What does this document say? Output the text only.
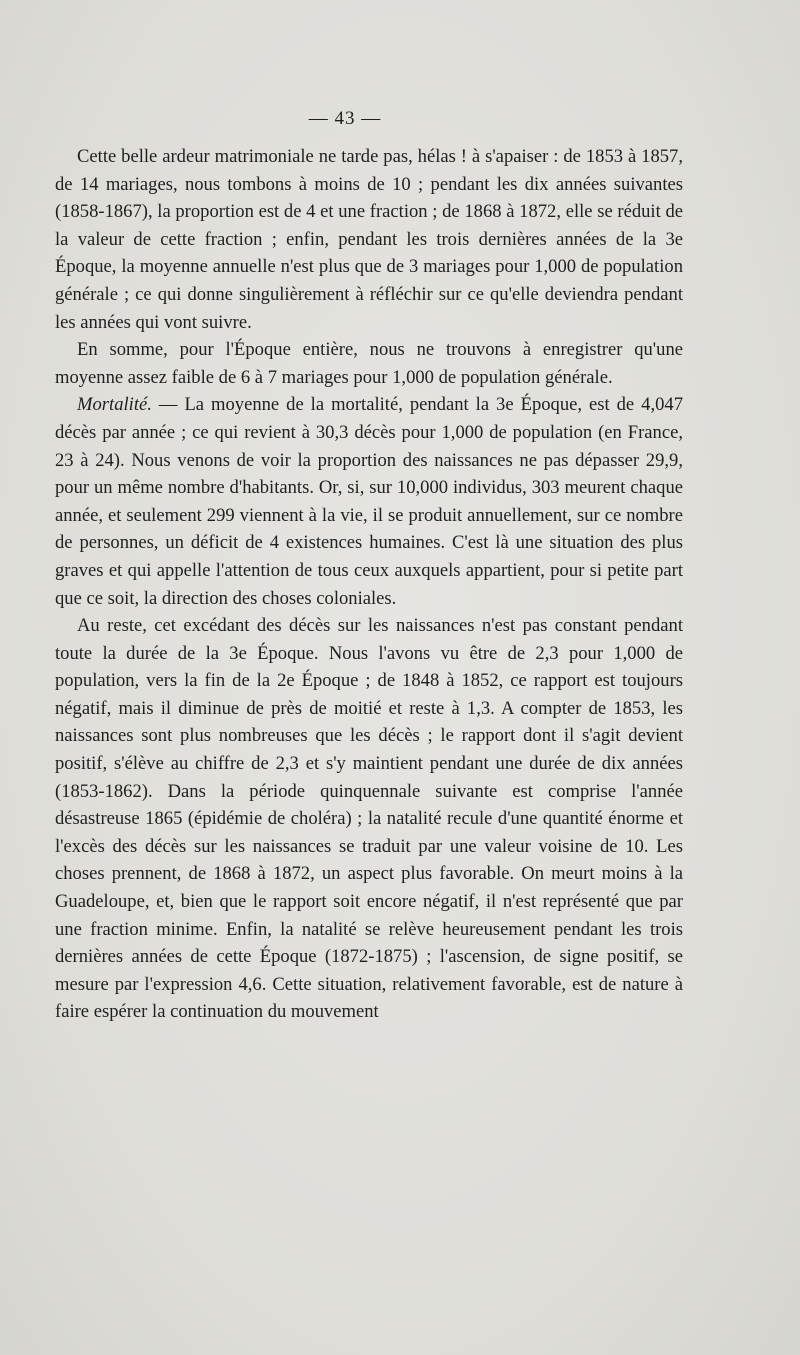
— 43 —

Cette belle ardeur matrimoniale ne tarde pas, hélas ! à s'apaiser : de 1853 à 1857, de 14 mariages, nous tombons à moins de 10 ; pendant les dix années suivantes (1858-1867), la proportion est de 4 et une fraction ; de 1868 à 1872, elle se réduit de la valeur de cette fraction ; enfin, pendant les trois dernières années de la 3e Époque, la moyenne annuelle n'est plus que de 3 mariages pour 1,000 de population générale ; ce qui donne singulièrement à réfléchir sur ce qu'elle deviendra pendant les années qui vont suivre.

En somme, pour l'Époque entière, nous ne trouvons à enregistrer qu'une moyenne assez faible de 6 à 7 mariages pour 1,000 de population générale.

Mortalité. — La moyenne de la mortalité, pendant la 3e Époque, est de 4,047 décès par année ; ce qui revient à 30,3 décès pour 1,000 de population (en France, 23 à 24). Nous venons de voir la proportion des naissances ne pas dépasser 29,9, pour un même nombre d'habitants. Or, si, sur 10,000 individus, 303 meurent chaque année, et seulement 299 viennent à la vie, il se produit annuellement, sur ce nombre de personnes, un déficit de 4 existences humaines. C'est là une situation des plus graves et qui appelle l'attention de tous ceux auxquels appartient, pour si petite part que ce soit, la direction des choses coloniales.

Au reste, cet excédant des décès sur les naissances n'est pas constant pendant toute la durée de la 3e Époque. Nous l'avons vu être de 2,3 pour 1,000 de population, vers la fin de la 2e Époque ; de 1848 à 1852, ce rapport est toujours négatif, mais il diminue de près de moitié et reste à 1,3. A compter de 1853, les naissances sont plus nombreuses que les décès ; le rapport dont il s'agit devient positif, s'élève au chiffre de 2,3 et s'y maintient pendant une durée de dix années (1853-1862). Dans la période quinquennale suivante est comprise l'année désastreuse 1865 (épidémie de choléra) ; la natalité recule d'une quantité énorme et l'excès des décès sur les naissances se traduit par une valeur voisine de 10. Les choses prennent, de 1868 à 1872, un aspect plus favorable. On meurt moins à la Guadeloupe, et, bien que le rapport soit encore négatif, il n'est représenté que par une fraction minime. Enfin, la natalité se relève heureusement pendant les trois dernières années de cette Époque (1872-1875) ; l'ascension, de signe positif, se mesure par l'expression 4,6. Cette situation, relativement favorable, est de nature à faire espérer la continuation du mouvement
